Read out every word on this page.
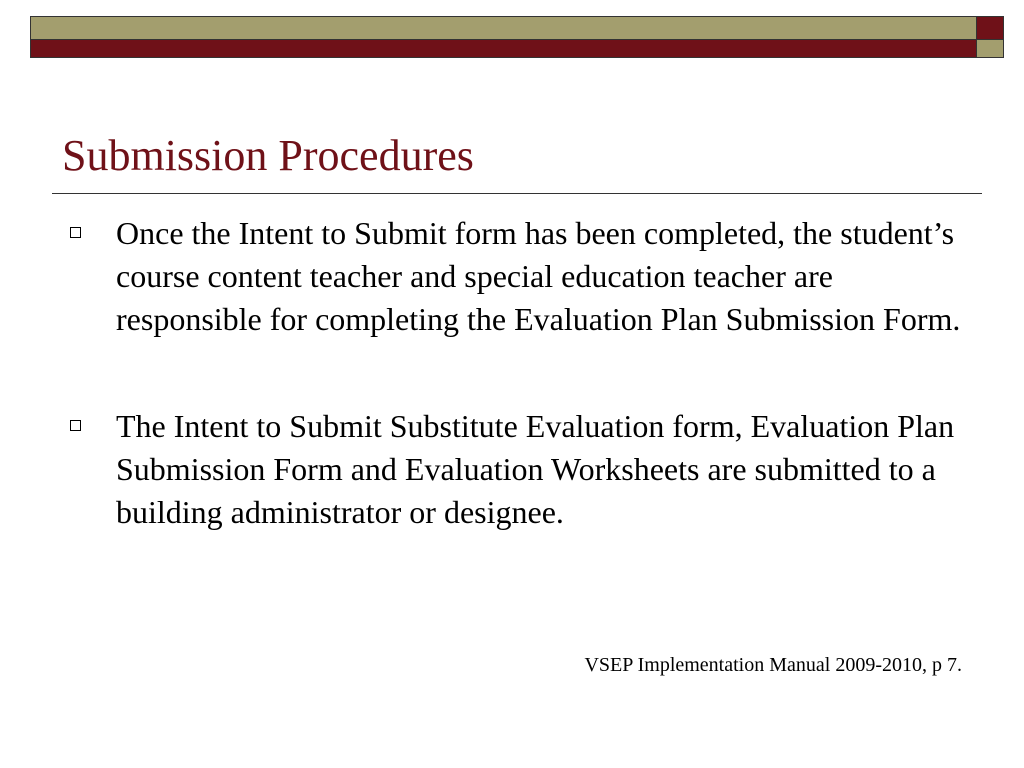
Submission Procedures
Once the Intent to Submit form has been completed, the student’s course content teacher and special education teacher are responsible for completing the Evaluation Plan Submission Form.
The Intent to Submit Substitute Evaluation form, Evaluation Plan Submission Form and Evaluation Worksheets are submitted to a building administrator or designee.
VSEP Implementation Manual 2009-2010, p 7.
